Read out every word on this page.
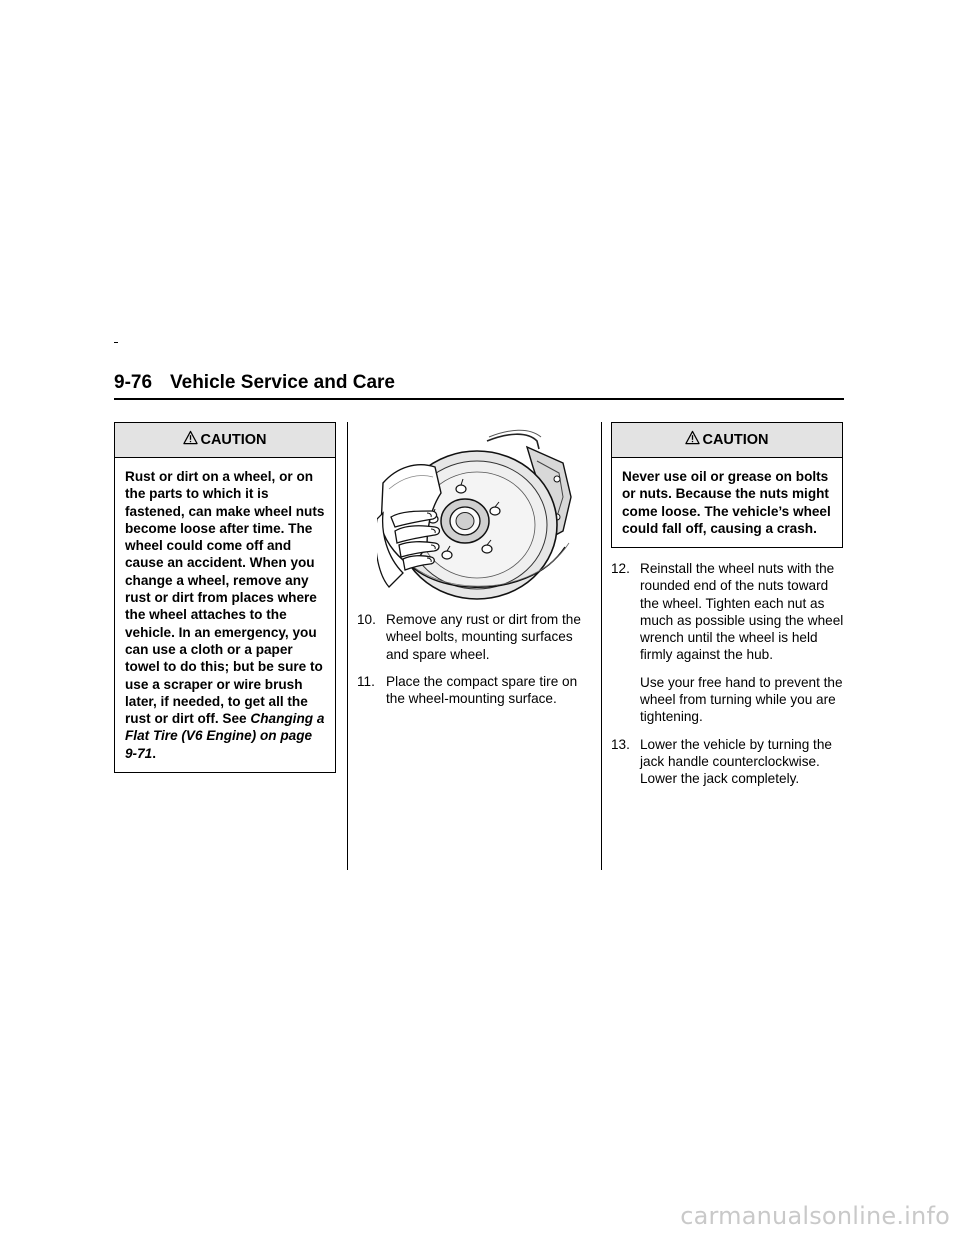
9-76 Vehicle Service and Care
CAUTION
Rust or dirt on a wheel, or on the parts to which it is fastened, can make wheel nuts become loose after time. The wheel could come off and cause an accident. When you change a wheel, remove any rust or dirt from places where the wheel attaches to the vehicle. In an emergency, you can use a cloth or a paper towel to do this; but be sure to use a scraper or wire brush later, if needed, to get all the rust or dirt off. See Changing a Flat Tire (V6 Engine) on page 9-71.
10. Remove any rust or dirt from the wheel bolts, mounting surfaces and spare wheel.
11. Place the compact spare tire on the wheel-mounting surface.
CAUTION
Never use oil or grease on bolts or nuts. Because the nuts might come loose. The vehicle’s wheel could fall off, causing a crash.
12. Reinstall the wheel nuts with the rounded end of the nuts toward the wheel. Tighten each nut as much as possible using the wheel wrench until the wheel is held firmly against the hub.
Use your free hand to prevent the wheel from turning while you are tightening.
13. Lower the vehicle by turning the jack handle counterclockwise. Lower the jack completely.
carmanualsonline.info
